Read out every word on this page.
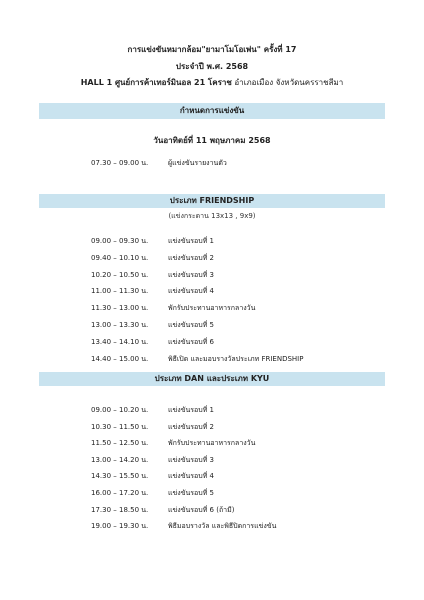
การแข่งขันหมากล้อม"ยามาโมโอเพ่น" ครั้งที่ 17
ประจำปี พ.ศ. 2568
HALL 1 ศูนย์การค้าเทอร์มินอล 21 โคราช อำเภอเมือง จังหวัดนครราชสีมา
กำหนดการแข่งขัน
วันอาทิตย์ที่ 11 พฤษภาคม 2568
07.30 – 09.00 น.	ผู้แข่งขันรายงานตัว
ประเภท FRIENDSHIP
(แข่งกระดาน 13x13 , 9x9)
09.00 – 09.30 น.	แข่งขันรอบที่ 1
09.40 – 10.10 น.	แข่งขันรอบที่ 2
10.20 – 10.50 น.	แข่งขันรอบที่ 3
11.00 – 11.30 น.	แข่งขันรอบที่ 4
11.30 – 13.00 น.	พักรับประทานอาหารกลางวัน
13.00 – 13.30 น.	แข่งขันรอบที่ 5
13.40 – 14.10 น.	แข่งขันรอบที่ 6
14.40 – 15.00 น.	พิธีเปิด และมอบรางวัลประเภท FRIENDSHIP
ประเภท DAN และประเภท KYU
09.00 – 10.20 น.	แข่งขันรอบที่ 1
10.30 – 11.50 น.	แข่งขันรอบที่ 2
11.50 – 12.50 น.	พักรับประทานอาหารกลางวัน
13.00 – 14.20 น.	แข่งขันรอบที่ 3
14.30 – 15.50 น.	แข่งขันรอบที่ 4
16.00 – 17.20 น.	แข่งขันรอบที่ 5
17.30 – 18.50 น.	แข่งขันรอบที่ 6 (ถ้ามี)
19.00 – 19.30 น.	พิธีมอบรางวัล และพิธีปิดการแข่งขัน
